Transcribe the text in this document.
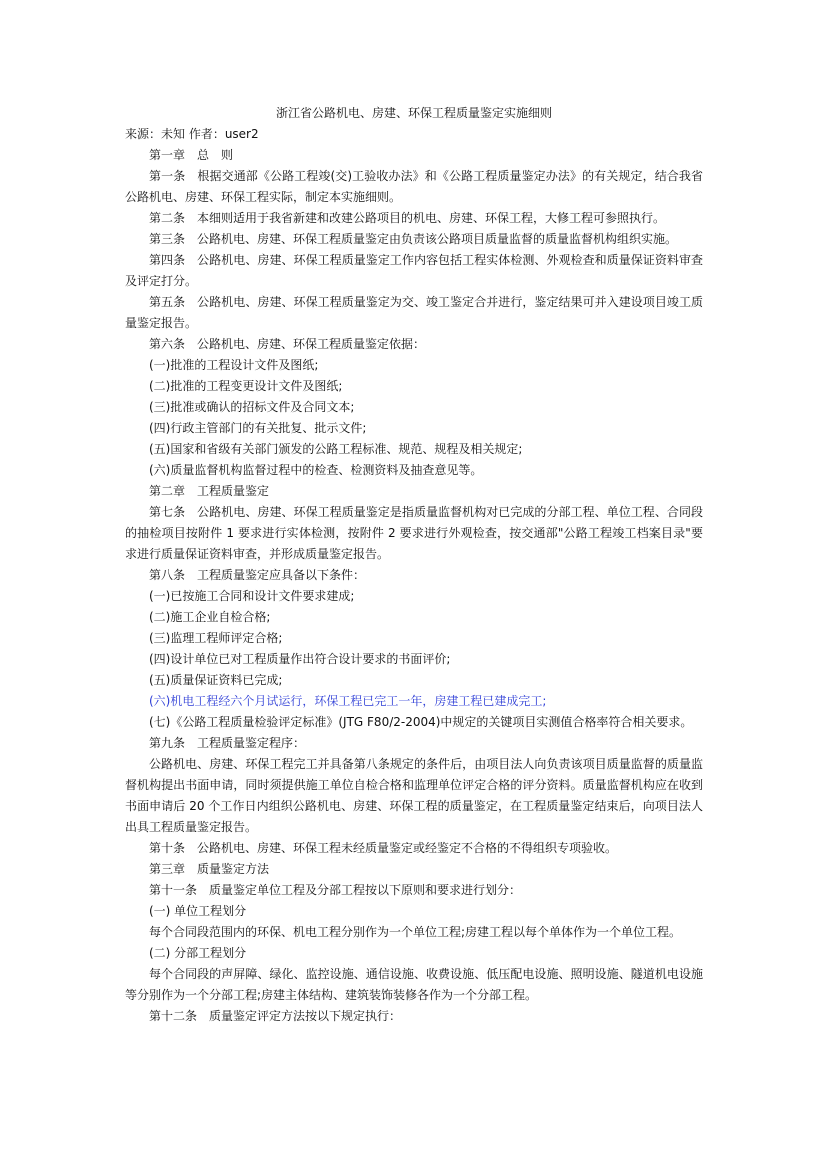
浙江省公路机电、房建、环保工程质量鉴定实施细则

来源：未知 作者：user2

第一章　总　则

第一条　根据交通部《公路工程竣(交)工验收办法》和《公路工程质量鉴定办法》的有关规定，结合我省公路机电、房建、环保工程实际，制定本实施细则。

第二条　本细则适用于我省新建和改建公路项目的机电、房建、环保工程，大修工程可参照执行。

第三条　公路机电、房建、环保工程质量鉴定由负责该公路项目质量监督的质量监督机构组织实施。

第四条　公路机电、房建、环保工程质量鉴定工作内容包括工程实体检测、外观检查和质量保证资料审查及评定打分。

第五条　公路机电、房建、环保工程质量鉴定为交、竣工鉴定合并进行，鉴定结果可并入建设项目竣工质量鉴定报告。

第六条　公路机电、房建、环保工程质量鉴定依据：

(一)批准的工程设计文件及图纸;

(二)批准的工程变更设计文件及图纸;

(三)批准或确认的招标文件及合同文本;

(四)行政主管部门的有关批复、批示文件;

(五)国家和省级有关部门颁发的公路工程标准、规范、规程及相关规定;

(六)质量监督机构监督过程中的检查、检测资料及抽查意见等。

第二章　工程质量鉴定

第七条　公路机电、房建、环保工程质量鉴定是指质量监督机构对已完成的分部工程、单位工程、合同段的抽检项目按附件 1 要求进行实体检测，按附件 2 要求进行外观检查，按交通部"公路工程竣工档案目录"要求进行质量保证资料审查，并形成质量鉴定报告。

第八条　工程质量鉴定应具备以下条件：

(一)已按施工合同和设计文件要求建成;

(二)施工企业自检合格;

(三)监理工程师评定合格;

(四)设计单位已对工程质量作出符合设计要求的书面评价;

(五)质量保证资料已完成;

(六)机电工程经六个月试运行，环保工程已完工一年，房建工程已建成完工;

(七)《公路工程质量检验评定标准》(JTG F80/2-2004)中规定的关键项目实测值合格率符合相关要求。

第九条　工程质量鉴定程序：

公路机电、房建、环保工程完工并具备第八条规定的条件后，由项目法人向负责该项目质量监督的质量监督机构提出书面申请，同时须提供施工单位自检合格和监理单位评定合格的评分资料。质量监督机构应在收到书面申请后 20 个工作日内组织公路机电、房建、环保工程的质量鉴定，在工程质量鉴定结束后，向项目法人出具工程质量鉴定报告。

第十条　公路机电、房建、环保工程未经质量鉴定或经鉴定不合格的不得组织专项验收。

第三章　质量鉴定方法

第十一条　质量鉴定单位工程及分部工程按以下原则和要求进行划分：

(一) 单位工程划分

每个合同段范围内的环保、机电工程分别作为一个单位工程;房建工程以每个单体作为一个单位工程。

(二) 分部工程划分

每个合同段的声屏障、绿化、监控设施、通信设施、收费设施、低压配电设施、照明设施、隧道机电设施等分别作为一个分部工程;房建主体结构、建筑装饰装修各作为一个分部工程。

第十二条　质量鉴定评定方法按以下规定执行：
